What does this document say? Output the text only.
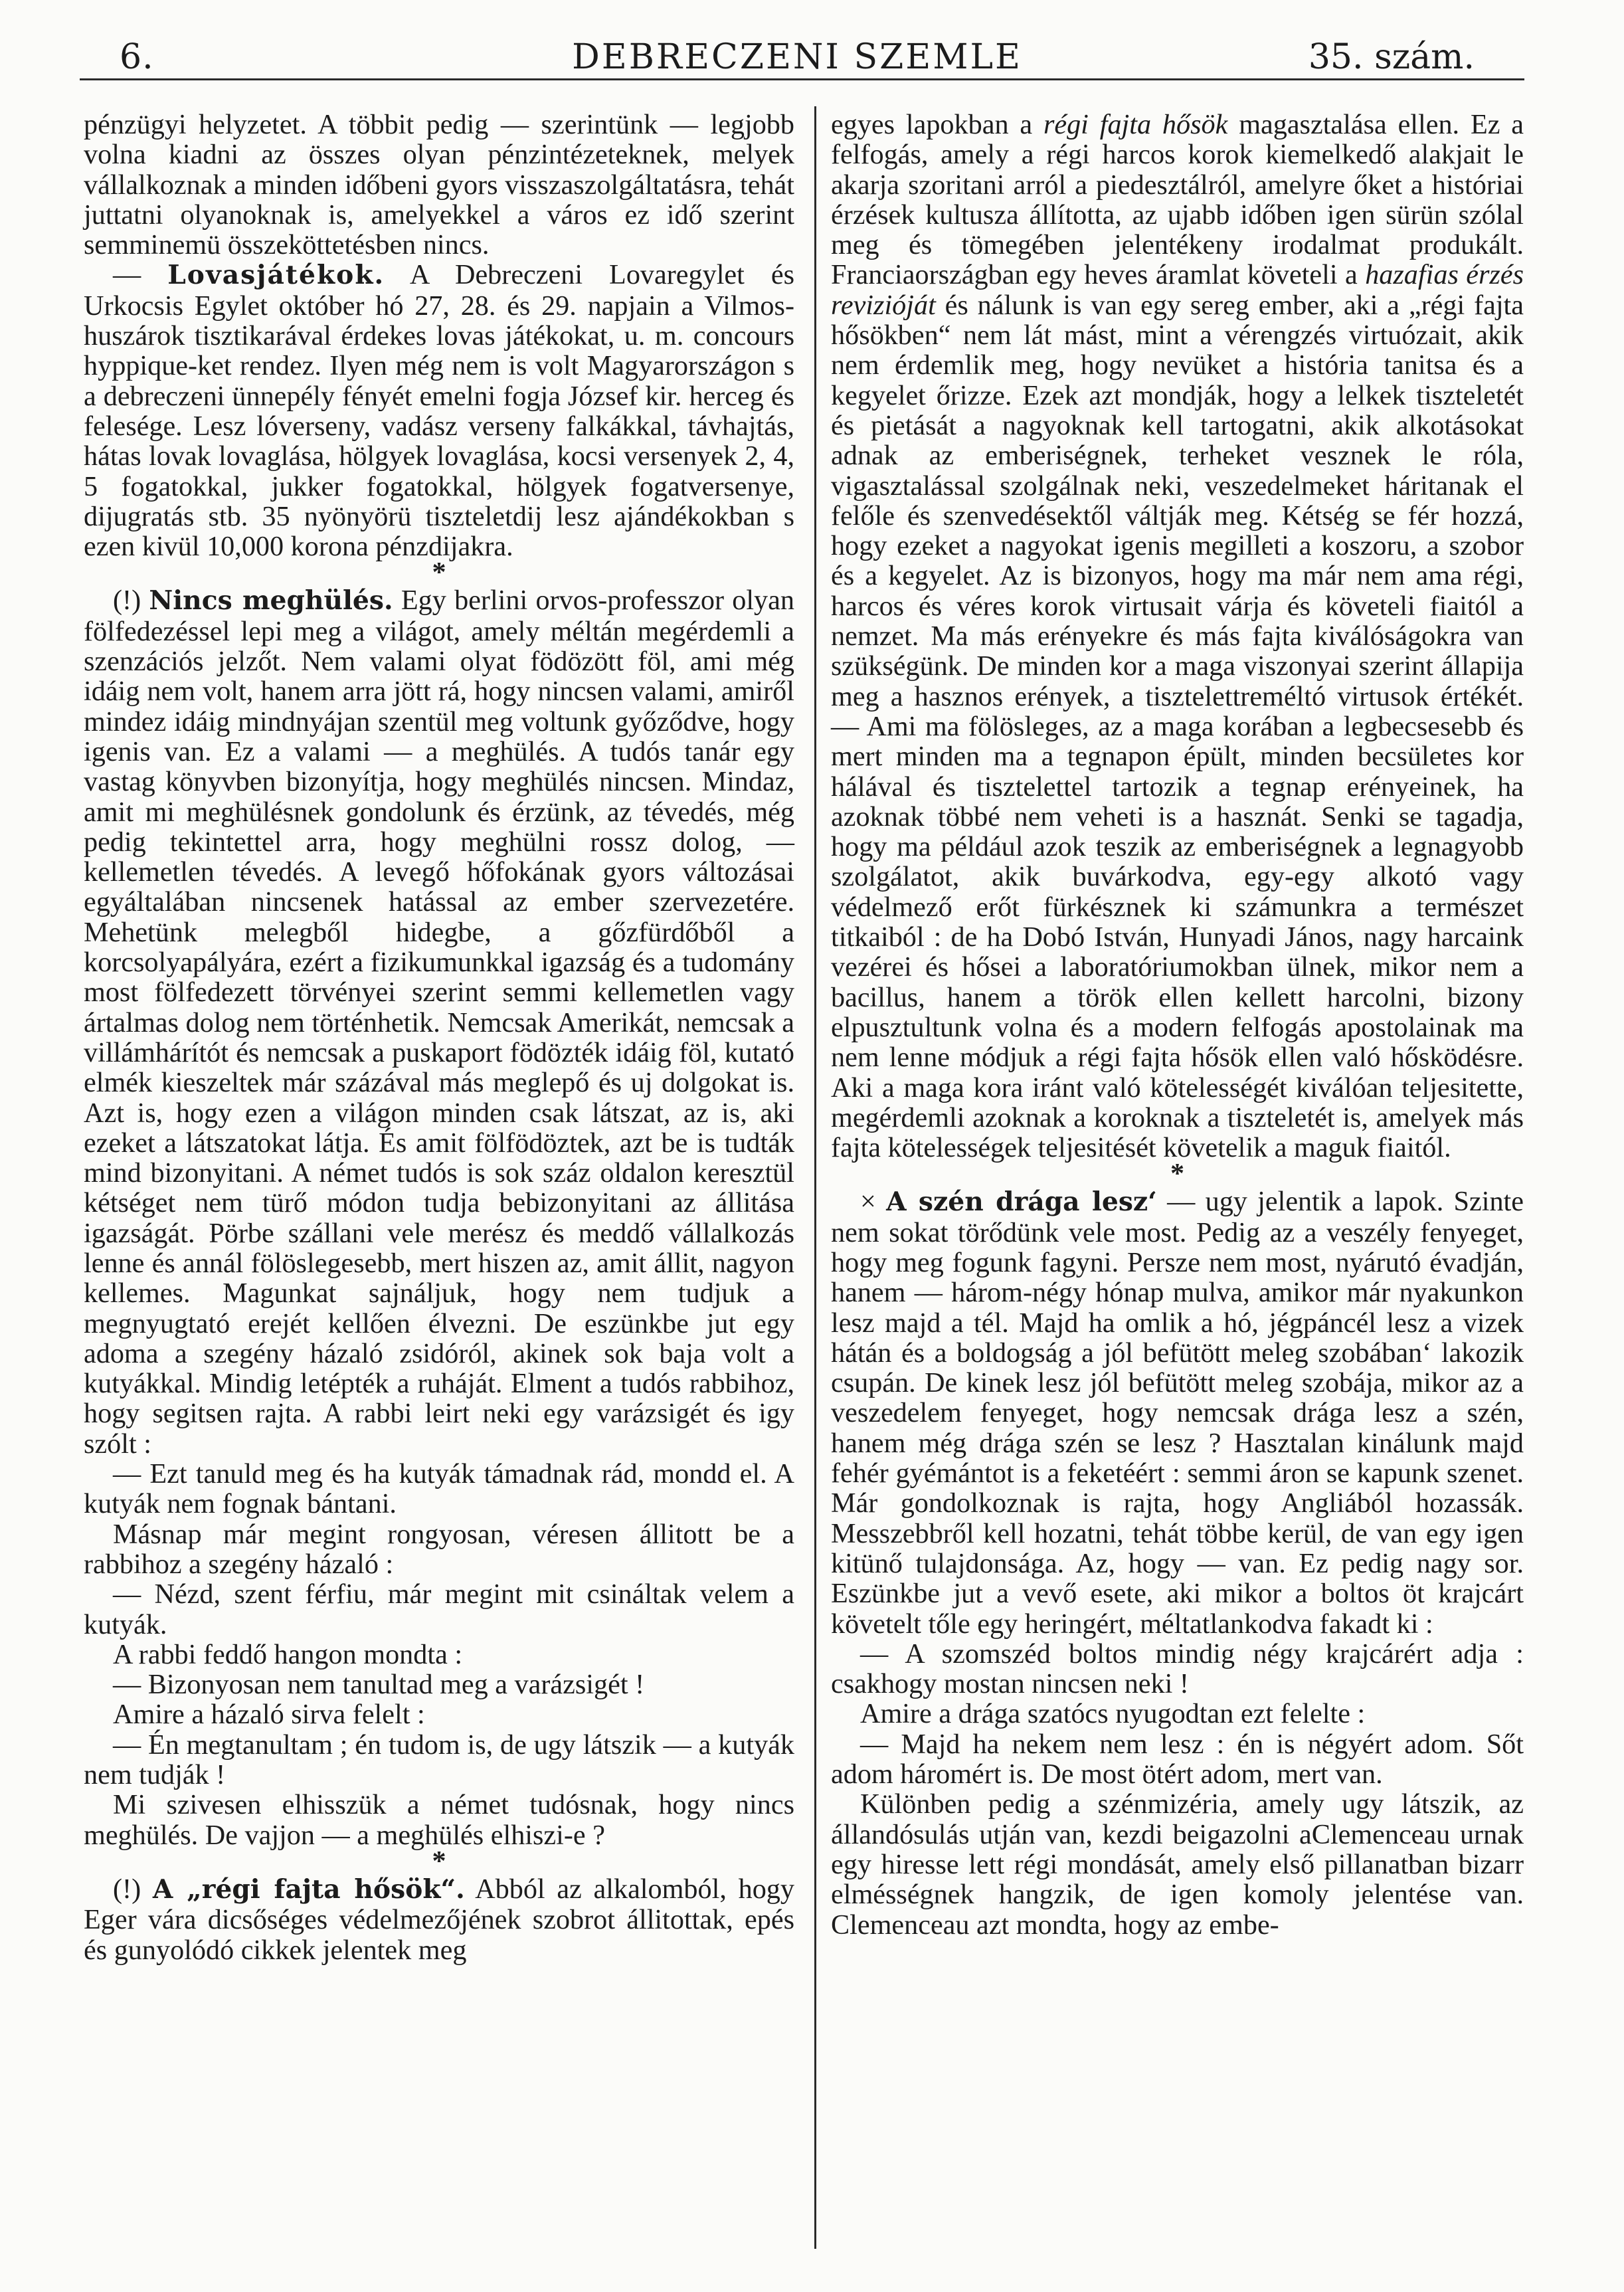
6.	DEBRECZENI SZEMLE	35. szám.

pénzügyi helyzetet. A többit pedig — szerintünk — legjobb volna kiadni az összes olyan pénzintézeteknek, melyek vállalkoznak a minden időbeni gyors visszaszolgáltatásra, tehát juttatni olyanoknak is, amelyekkel a város ez idő szerint semminemü összeköttetésben nincs.

— Lovasjátékok. A Debreczeni Lovaregylet és Urkocsis Egylet október hó 27, 28. és 29. napjain a Vilmos-huszárok tisztikarával érdekes lovas játékokat, u. m. concours hyppique-ket rendez. Ilyen még nem is volt Magyarországon s a debreczeni ünnepély fényét emelni fogja József kir. herceg és felesége. Lesz lóverseny, vadász verseny falkákkal, távhajtás, hátas lovak lovaglása, hölgyek lovaglása, kocsi versenyek 2, 4, 5 fogatokkal, jukker fogatokkal, hölgyek fogatversenye, dijugratás stb. 35 nyönyörü tiszteletdij lesz ajándékokban s ezen kivül 10,000 korona pénzdijakra.

*

(!) Nincs meghülés. Egy berlini orvos-professzor olyan fölfedezéssel lepi meg a világot, amely méltán megérdemli a szenzációs jelzőt. Nem valami olyat födözött föl, ami még idáig nem volt, hanem arra jött rá, hogy nincsen valami, amiről mindez idáig mindnyájan szentül meg voltunk győződve, hogy igenis van. Ez a valami — a meghülés. A tudós tanár egy vastag könyvben bizonyítja, hogy meghülés nincsen. Mindaz, amit mi meghülésnek gondolunk és érzünk, az tévedés, még pedig tekintettel arra, hogy meghülni rossz dolog, — kellemetlen tévedés. A levegő hőfokának gyors változásai egyáltalában nincsenek hatással az ember szervezetére. Mehetünk melegből hidegbe, a gőzfürdőből a korcsolyapályára, ezért a fizikumunkkal igazság és a tudomány most fölfedezett törvényei szerint semmi kellemetlen vagy ártalmas dolog nem történhetik. Nemcsak Amerikát, nemcsak a villámhárítót és nemcsak a puskaport födözték idáig föl, kutató elmék kieszeltek már százával más meglepő és uj dolgokat is. Azt is, hogy ezen a világon minden csak látszat, az is, aki ezeket a látszatokat látja. És amit fölfödöztek, azt be is tudták mind bizonyitani. A német tudós is sok száz oldalon keresztül kétséget nem türő módon tudja bebizonyitani az állitása igazságát. Pörbe szállani vele merész és meddő vállalkozás lenne és annál fölöslegesebb, mert hiszen az, amit állit, nagyon kellemes. Magunkat sajnáljuk, hogy nem tudjuk a megnyugtató erejét kellően élvezni. De eszünkbe jut egy adoma a szegény házaló zsidóról, akinek sok baja volt a kutyákkal. Mindig letépték a ruháját. Elment a tudós rabbihoz, hogy segitsen rajta. A rabbi leirt neki egy varázsigét és igy szólt :

— Ezt tanuld meg és ha kutyák támadnak rád, mondd el. A kutyák nem fognak bántani.

Másnap már megint rongyosan, véresen állitott be a rabbihoz a szegény házaló :

— Nézd, szent férfiu, már megint mit csináltak velem a kutyák.

A rabbi feddő hangon mondta :

— Bizonyosan nem tanultad meg a varázsigét !

Amire a házaló sirva felelt :

— Én megtanultam ; én tudom is, de ugy látszik — a kutyák nem tudják !

Mi szivesen elhisszük a német tudósnak, hogy nincs meghülés. De vajjon — a meghülés elhiszi-e ?

*

(!) A „régi fajta hősök“. Abból az alkalomból, hogy Eger vára dicsőséges védelmezőjének szobrot állitottak, epés és gunyolódó cikkek jelentek meg

egyes lapokban a régi fajta hősök magasztalása ellen. Ez a felfogás, amely a régi harcos korok kiemelkedő alakjait le akarja szoritani arról a piedesztálról, amelyre őket a históriai érzések kultusza állította, az ujabb időben igen sürün szólal meg és tömegében jelentékeny irodalmat produkált. Franciaországban egy heves áramlat követeli a hazafias érzés revizióját és nálunk is van egy sereg ember, aki a „régi fajta hősökben“ nem lát mást, mint a vérengzés virtuózait, akik nem érdemlik meg, hogy nevüket a história tanitsa és a kegyelet őrizze. Ezek azt mondják, hogy a lelkek tiszteletét és pietását a nagyoknak kell tartogatni, akik alkotásokat adnak az emberiségnek, terheket vesznek le róla, vigasztalással szolgálnak neki, veszedelmeket háritanak el felőle és szenvedésektől váltják meg. Kétség se fér hozzá, hogy ezeket a nagyokat igenis megilleti a koszoru, a szobor és a kegyelet. Az is bizonyos, hogy ma már nem ama régi, harcos és véres korok virtusait várja és követeli fiaitól a nemzet. Ma más erényekre és más fajta kiválóságokra van szükségünk. De minden kor a maga viszonyai szerint állapija meg a hasznos erények, a tisztelettreméltó virtusok értékét. — Ami ma fölösleges, az a maga korában a legbecsesebb és mert minden ma a tegnapon épült, minden becsületes kor hálával és tisztelettel tartozik a tegnap erényeinek, ha azoknak többé nem veheti is a hasznát. Senki se tagadja, hogy ma például azok teszik az emberiségnek a legnagyobb szolgálatot, akik buvárkodva, egy-egy alkotó vagy védelmező erőt fürkésznek ki számunkra a természet titkaiból : de ha Dobó István, Hunyadi János, nagy harcaink vezérei és hősei a laboratóriumokban ülnek, mikor nem a bacillus, hanem a török ellen kellett harcolni, bizony elpusztultunk volna és a modern felfogás apostolainak ma nem lenne módjuk a régi fajta hősök ellen való hősködésre. Aki a maga kora iránt való kötelességét kiválóan teljesitette, megérdemli azoknak a koroknak a tiszteletét is, amelyek más fajta kötelességek teljesitését követelik a maguk fiaitól.

*

× A szén drága lesz‘ — ugy jelentik a lapok. Szinte nem sokat törődünk vele most. Pedig az a veszély fenyeget, hogy meg fogunk fagyni. Persze nem most, nyárutó évadján, hanem — három-négy hónap mulva, amikor már nyakunkon lesz majd a tél. Majd ha omlik a hó, jégpáncél lesz a vizek hátán és a boldogság a jól befütött meleg szobában‘ lakozik csupán. De kinek lesz jól befütött meleg szobája, mikor az a veszedelem fenyeget, hogy nemcsak drága lesz a szén, hanem még drága szén se lesz ? Hasztalan kinálunk majd fehér gyémántot is a feketéért : semmi áron se kapunk szenet. Már gondolkoznak is rajta, hogy Angliából hozassák. Messzebbről kell hozatni, tehát többe kerül, de van egy igen kitünő tulajdonsága. Az, hogy — van. Ez pedig nagy sor. Eszünkbe jut a vevő esete, aki mikor a boltos öt krajcárt követelt tőle egy heringért, méltatlankodva fakadt ki :

— A szomszéd boltos mindig négy krajcárért adja : csakhogy mostan nincsen neki !

Amire a drága szatócs nyugodtan ezt felelte :

— Majd ha nekem nem lesz : én is négyért adom. Sőt adom háromért is. De most ötért adom, mert van.

Különben pedig a szénmizéria, amely ugy látszik, az állandósulás utján van, kezdi beigazolni aClemenceau urnak egy hiresse lett régi mondását, amely első pillanatban bizarr elmésségnek hangzik, de igen komoly jelentése van. Clemenceau azt mondta, hogy az embe-
